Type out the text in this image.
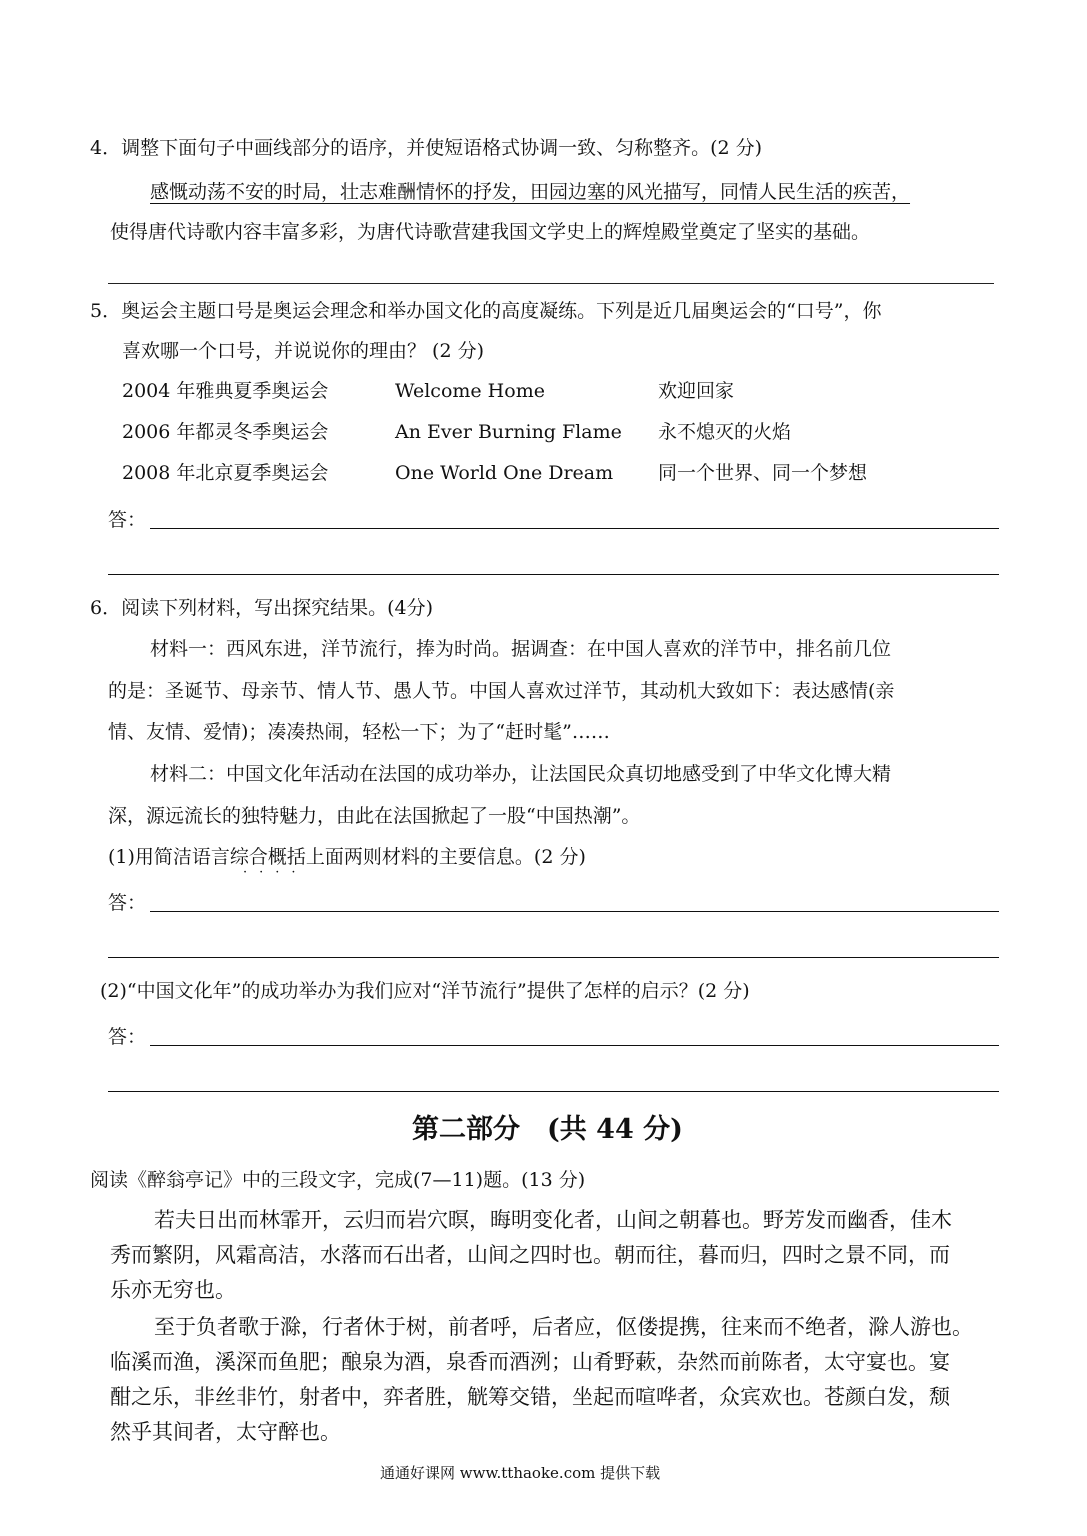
4．调整下面句子中画线部分的语序，并使短语格式协调一致、匀称整齐。(2 分)
感慨动荡不安的时局，壮志难酬情怀的抒发，田园边塞的风光描写，同情人民生活的疾苦，
使得唐代诗歌内容丰富多彩，为唐代诗歌营建我国文学史上的辉煌殿堂奠定了坚实的基础。
5．奥运会主题口号是奥运会理念和举办国文化的高度凝练。下列是近几届奥运会的“口号”，你
喜欢哪一个口号，并说说你的理由？ (2 分)
2004 年雅典夏季奥运会	Welcome Home	欢迎回家
2006 年都灵冬季奥运会	An Ever Burning Flame 永不熄灭的火焰
2008 年北京夏季奥运会	One World One Dream 同一个世界、同一个梦想
答：
6．阅读下列材料，写出探究结果。(4分)
材料一：西风东进，洋节流行，捧为时尚。据调查：在中国人喜欢的洋节中，排名前几位
的是：圣诞节、母亲节、情人节、愚人节。中国人喜欢过洋节，其动机大致如下：表达感情(亲
情、友情、爱情)；凑凑热闹，轻松一下；为了“赶时髦”……
材料二：中国文化年活动在法国的成功举办，让法国民众真切地感受到了中华文化博大精
深，源远流长的独特魅力，由此在法国掀起了一股“中国热潮”。
(1)用简洁语言综合概括上面两则材料的主要信息。(2 分)
····
答：
(2)“中国文化年”的成功举办为我们应对“洋节流行”提供了怎样的启示？(2 分)
答：
第二部分　(共 44 分)
阅读《醉翁亭记》中的三段文字，完成(7—11)题。(13 分)
若夫日出而林霏开，云归而岩穴暝，晦明变化者，山间之朝暮也。野芳发而幽香，佳木
秀而繁阴，风霜高洁，水落而石出者，山间之四时也。朝而往，暮而归，四时之景不同，而
乐亦无穷也。
至于负者歌于滁，行者休于树，前者呼，后者应，伛偻提携，往来而不绝者，滁人游也。
临溪而渔，溪深而鱼肥；酿泉为酒，泉香而酒洌；山肴野蔌，杂然而前陈者，太守宴也。宴
酣之乐，非丝非竹，射者中，弈者胜，觥筹交错，坐起而喧哗者，众宾欢也。苍颜白发，颓
然乎其间者，太守醉也。
通通好课网 www.tthaoke.com 提供下载
